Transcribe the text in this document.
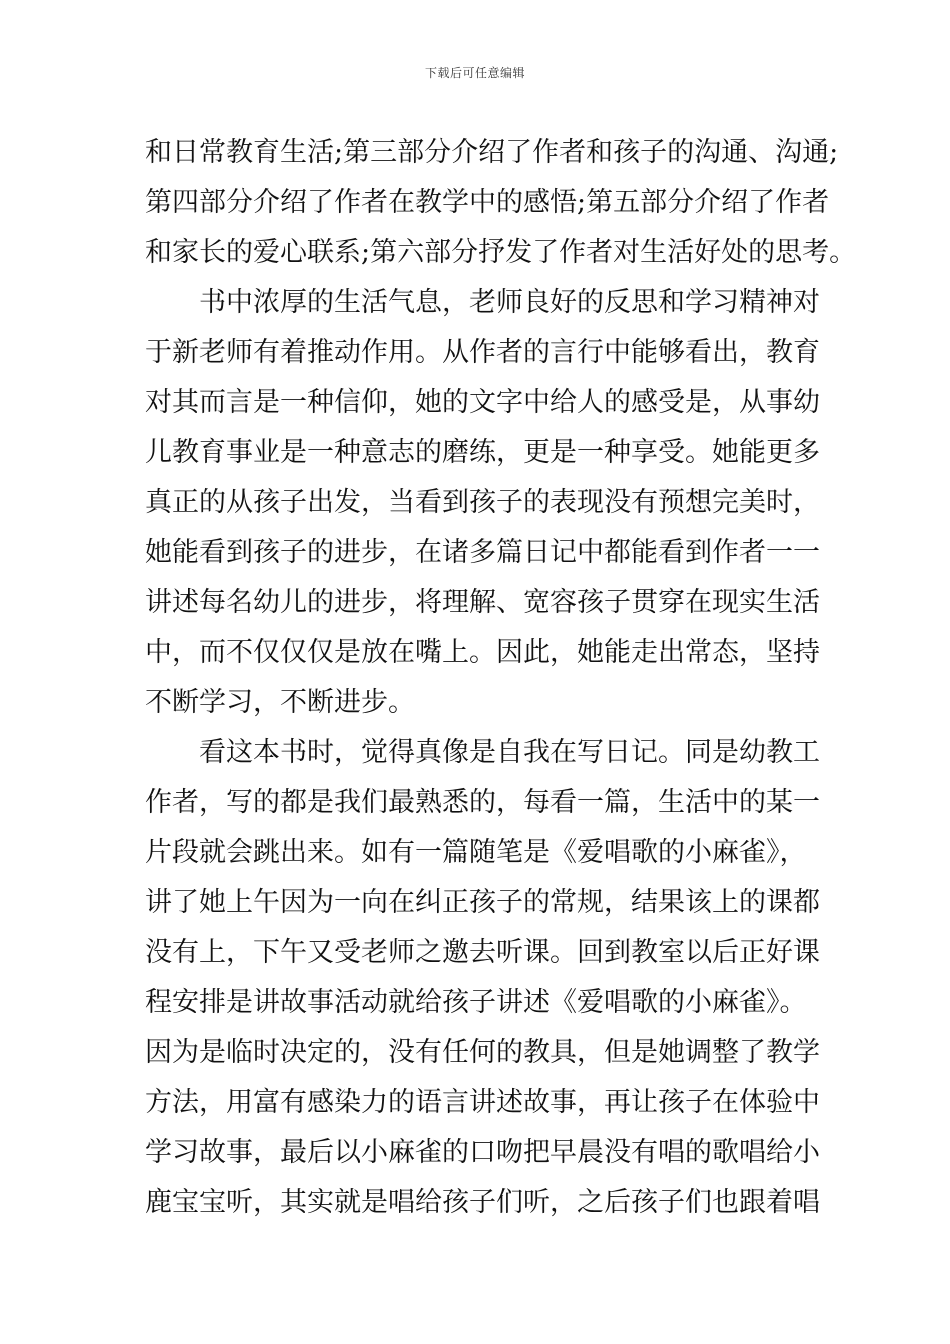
下载后可任意编辑
和日常教育生活;第三部分介绍了作者和孩子的沟通、沟通;
第四部分介绍了作者在教学中的感悟;第五部分介绍了作者
和家长的爱心联系;第六部分抒发了作者对生活好处的思考。
书中浓厚的生活气息，老师良好的反思和学习精神对
于新老师有着推动作用。从作者的言行中能够看出，教育
对其而言是一种信仰，她的文字中给人的感受是，从事幼
儿教育事业是一种意志的磨练，更是一种享受。她能更多
真正的从孩子出发，当看到孩子的表现没有预想完美时，
她能看到孩子的进步，在诸多篇日记中都能看到作者一一
讲述每名幼儿的进步，将理解、宽容孩子贯穿在现实生活
中，而不仅仅仅是放在嘴上。因此，她能走出常态，坚持
不断学习，不断进步。
看这本书时，觉得真像是自我在写日记。同是幼教工
作者，写的都是我们最熟悉的，每看一篇，生活中的某一
片段就会跳出来。如有一篇随笔是《爱唱歌的小麻雀》，
讲了她上午因为一向在纠正孩子的常规，结果该上的课都
没有上，下午又受老师之邀去听课。回到教室以后正好课
程安排是讲故事活动就给孩子讲述《爱唱歌的小麻雀》。
因为是临时决定的，没有任何的教具，但是她调整了教学
方法，用富有感染力的语言讲述故事，再让孩子在体验中
学习故事，最后以小麻雀的口吻把早晨没有唱的歌唱给小
鹿宝宝听，其实就是唱给孩子们听，之后孩子们也跟着唱
